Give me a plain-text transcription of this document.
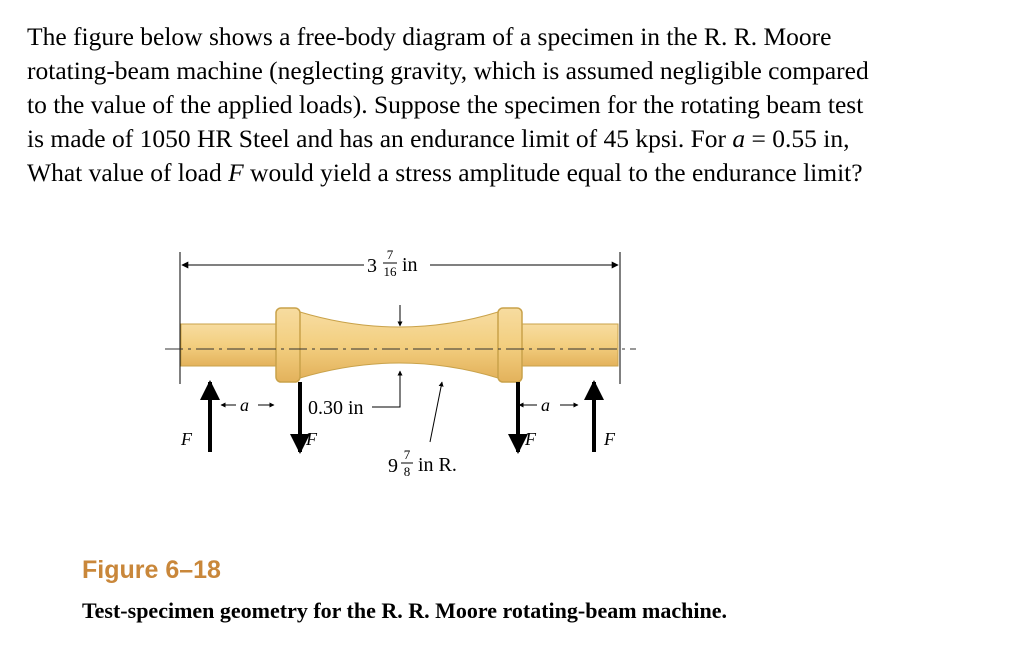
The figure below shows a free-body diagram of a specimen in the R. R. Moore
rotating-beam machine (neglecting gravity, which is assumed negligible compared
to the value of the applied loads). Suppose the specimen for the rotating beam test
is made of 1050 HR Steel and has an endurance limit of 45 kpsi. For a = 0.55 in,
What value of load F would yield a stress amplitude equal to the endurance limit?
3
7
16 in
0.30 in
9
7
8 in R.
a	a
F	F	F	F
Figure 6–18
Test-specimen geometry for the R. R. Moore rotating-beam machine.
